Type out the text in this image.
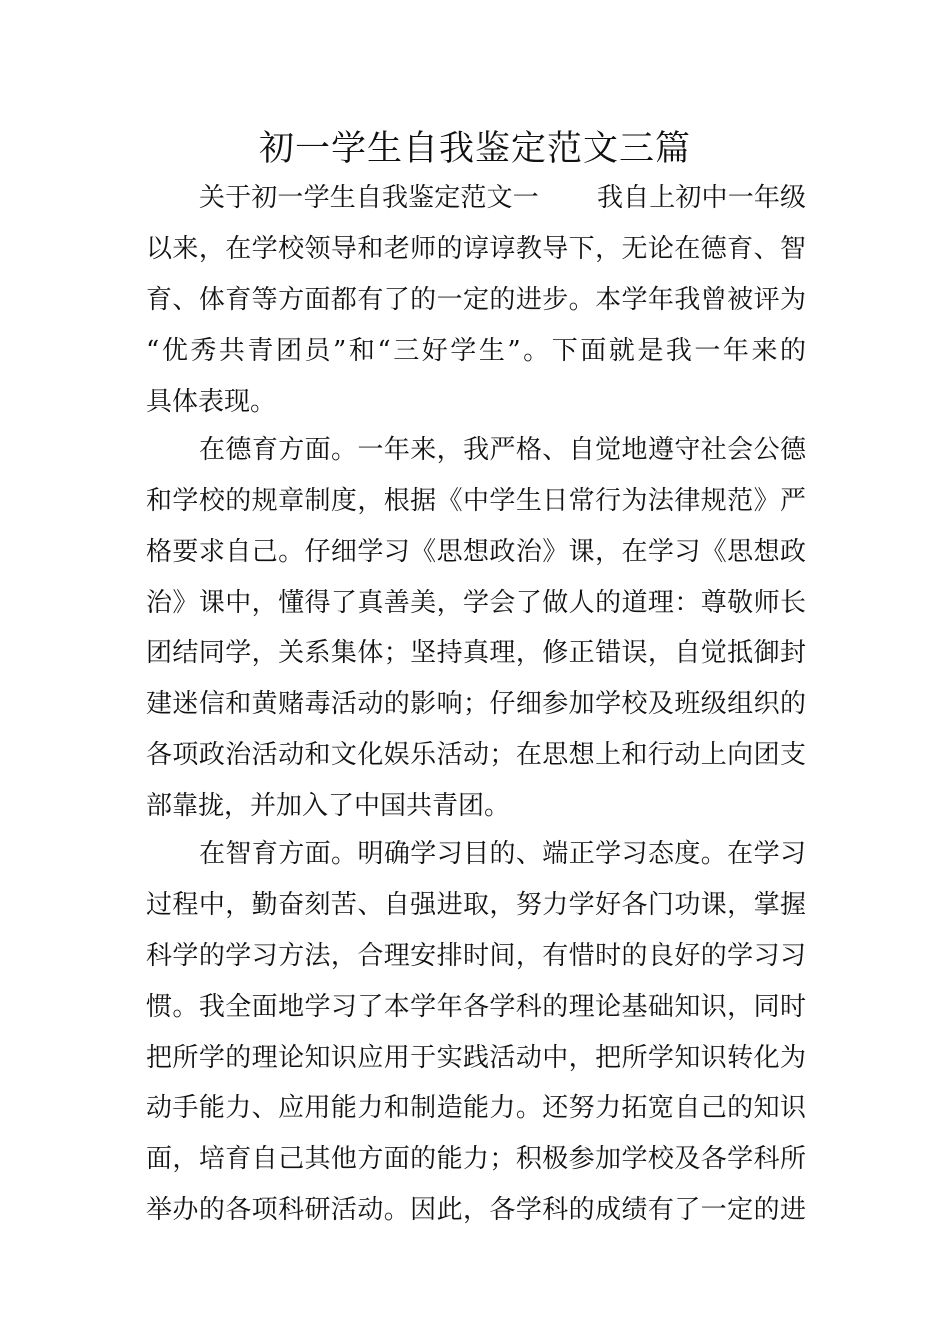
初一学生自我鉴定范文三篇
关于初一学生自我鉴定范文一 我自上初中一年级
以来，在学校领导和老师的谆谆教导下，无论在德育、智
育、体育等方面都有了的一定的进步。本学年我曾被评为
“优秀共青团员”和“三好学生”。下面就是我一年来的
具体表现。
在德育方面。一年来，我严格、自觉地遵守社会公德
和学校的规章制度，根据《中学生日常行为法律规范》严
格要求自己。仔细学习《思想政治》课，在学习《思想政
治》课中，懂得了真善美，学会了做人的道理：尊敬师长
团结同学，关系集体；坚持真理，修正错误，自觉抵御封
建迷信和黄赌毒活动的影响；仔细参加学校及班级组织的
各项政治活动和文化娱乐活动；在思想上和行动上向团支
部靠拢，并加入了中国共青团。
在智育方面。明确学习目的、端正学习态度。在学习
过程中，勤奋刻苦、自强进取，努力学好各门功课，掌握
科学的学习方法，合理安排时间，有惜时的良好的学习习
惯。我全面地学习了本学年各学科的理论基础知识，同时
把所学的理论知识应用于实践活动中，把所学知识转化为
动手能力、应用能力和制造能力。还努力拓宽自己的知识
面，培育自己其他方面的能力；积极参加学校及各学科所
举办的各项科研活动。因此，各学科的成绩有了一定的进
